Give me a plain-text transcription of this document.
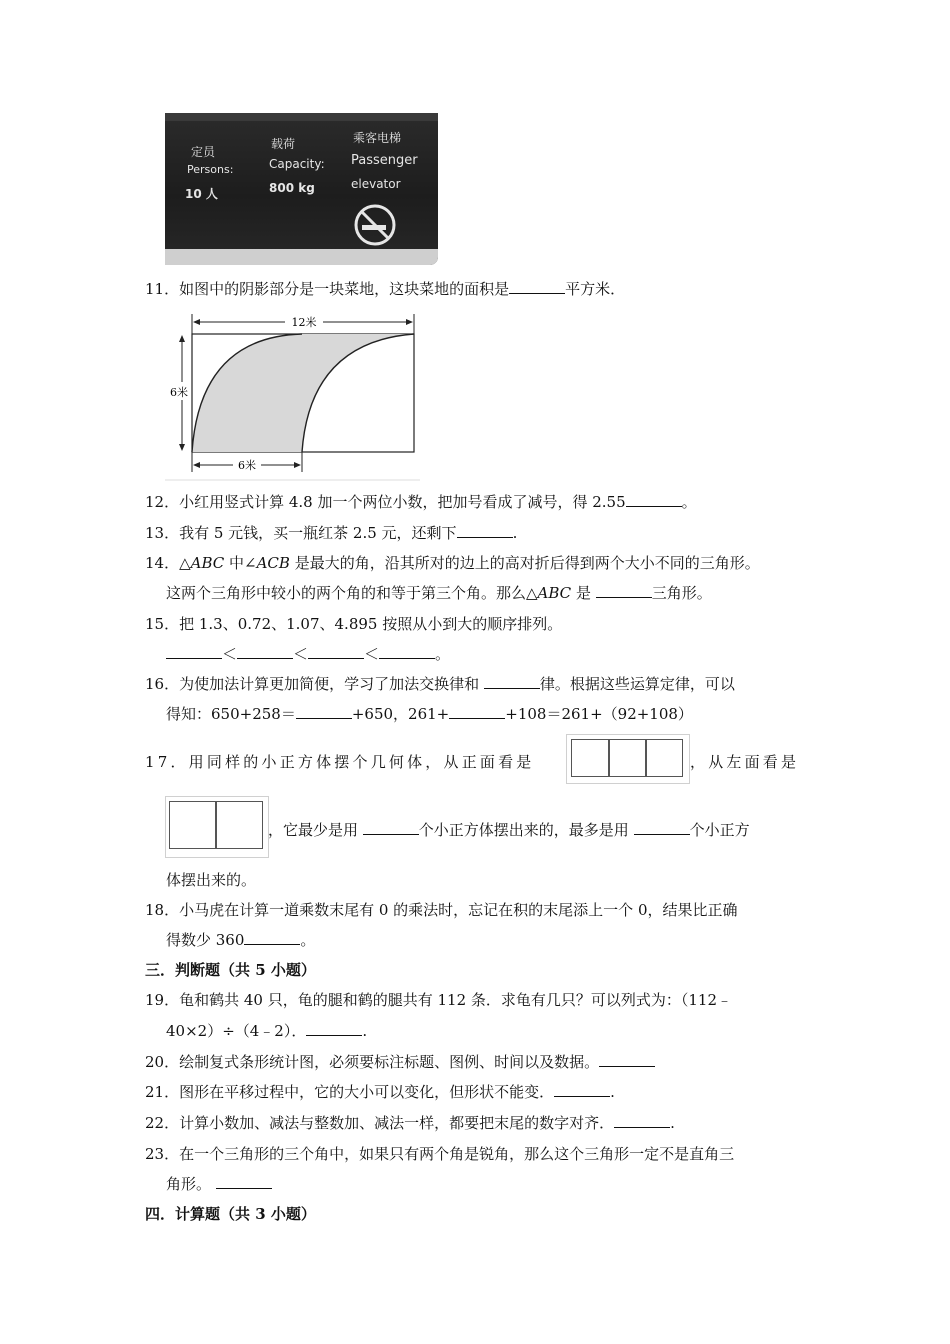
定员
Persons:
10 人
载荷
Capacity:
800 kg
乘客电梯
Passenger
elevator
11．如图中的阴影部分是一块菜地，这块菜地的面积是	平方米．
12米
6米
6米
12．小红用竖式计算 4.8 加一个两位小数，把加号看成了减号，得 2.55	。
13．我有 5 元钱，买一瓶红茶 2.5 元，还剩下	.
14．△ABC 中∠ACB 是最大的角，沿其所对的边上的高对折后得到两个大小不同的三角形。
这两个三角形中较小的两个角的和等于第三个角。那么△ABC 是	三角形。
15．把 1.3、0.72、1.07、4.895 按照从小到大的顺序排列。
＜	＜	＜	。
16．为使加法计算更加简便，学习了加法交换律和	律。根据这些运算定律，可以
得知：650+258＝	+650，261+	+108＝261+（92+108）
17．用同样的小正方体摆个几何体，从正面看是	，从左面看是
，它最少是用	个小正方体摆出来的，最多是用	个小正方
体摆出来的。
18．小马虎在计算一道乘数末尾有 0 的乘法时，忘记在积的末尾添上一个 0，结果比正确
得数少 360	。
三．判断题（共 5 小题）
19．龟和鹤共 40 只，龟的腿和鹤的腿共有 112 条．求龟有几只？可以列式为：（112﹣
40×2）÷（4﹣2）．	.
20．绘制复式条形统计图，必须要标注标题、图例、时间以及数据。
21．图形在平移过程中，它的大小可以变化，但形状不能变．	.
22．计算小数加、减法与整数加、减法一样，都要把末尾的数字对齐．	.
23．在一个三角形的三个角中，如果只有两个角是锐角，那么这个三角形一定不是直角三
角形。
四．计算题（共 3 小题）
